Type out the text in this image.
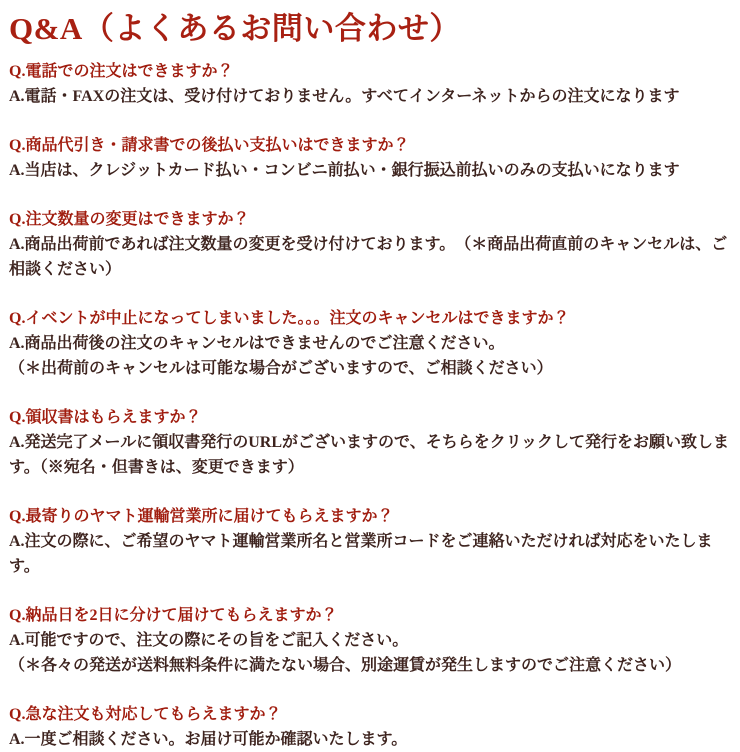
Q&A（よくあるお問い合わせ）

Q.電話での注文はできますか？

A.電話・FAXの注文は、受け付けておりません。すべてインターネットからの注文になります

Q.商品代引き・請求書での後払い支払いはできますか？

A.当店は、クレジットカード払い・コンビニ前払い・銀行振込前払いのみの支払いになります

Q.注文数量の変更はできますか？

A.商品出荷前であれば注文数量の変更を受け付けております。　（＊商品出荷直前のキャンセルは、ご相談ください）

Q.イベントが中止になってしまいました。。。注文のキャンセルはできますか？

A.商品出荷後の注文のキャンセルはできませんのでご注意ください。

（＊出荷前のキャンセルは可能な場合がございますので、ご相談ください）

Q.領収書はもらえますか？

A.発送完了メールに領収書発行のURLがございますので、そちらをクリックして発行をお願い致します。（※宛名・但書きは、変更できます）

Q.最寄りのヤマト運輸営業所に届けてもらえますか？

A.注文の際に、ご希望のヤマト運輸営業所名と営業所コードをご連絡いただければ対応をいたします。

Q.納品日を2日に分けて届けてもらえますか？

A.可能ですので、注文の際にその旨をご記入ください。

（＊各々の発送が送料無料条件に満たない場合、別途運賃が発生しますのでご注意ください）

Q.急な注文も対応してもらえますか？

A.一度ご相談ください。お届け可能か確認いたします。
